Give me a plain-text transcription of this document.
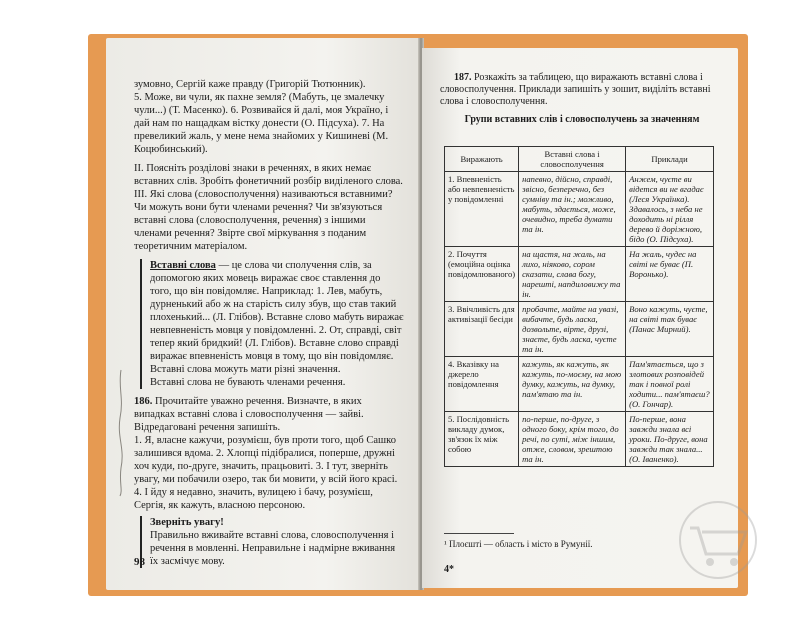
зумовно, Сергій каже правду (Григорій Тютюнник).

5. Може, ви чули, як пахне земля? (Мабуть, це змалечку чули...) (Т. Масенко). 6. Розвивайся й далі, моя Україно, і дай нам по нащадкам вістку донести (О. Підсуха). 7. На превеликий жаль, у мене нема знайомих у Кишиневі (М. Коцюбинський).

ІІ. Поясніть розділові знаки в реченнях, в яких немає вставних слів. Зробіть фонетичний розбір виділеного слова.

ІІІ. Які слова (словосполучення) називаються вставними? Чи можуть вони бути членами речення? Чи зв'язуються вставні слова (словосполучення, речення) з іншими членами речення? Звірте свої міркування з поданим теоретичним матеріалом.

Вставні слова — це слова чи сполучення слів, за допомогою яких мовець виражає своє ставлення до того, що він повідомляє. Наприклад: 1. Лев, мабуть, дурненький або ж на старість силу збув, що став такий плохенький... (Л. Глібов). Вставне слово мабуть виражає невпевненість мовця у повідомленні. 2. От, справді, світ тепер який бридкий! (Л. Глібов). Вставне слово справді виражає впевненість мовця в тому, що він повідомляє.

Вставні слова можуть мати різні значення.

Вставні слова не бувають членами речення.

186. Прочитайте уважно речення. Визначте, в яких випадках вставні слова і словосполучення — зайві. Відредаговані речення запишіть.

1. Я, власне кажучи, розумієш, був проти того, щоб Сашко залишився вдома. 2. Хлопці підібралися, поперше, дружні хоч куди, по-друге, значить, працьовиті. 3. І тут, зверніть увагу, ми побачили озеро, так би мовити, у всій його красі. 4. І йду я недавно, значить, вулицею і бачу, розумієш, Сергія, як кажуть, власною персоною.

Зверніть увагу!

Правильно вживайте вставні слова, словосполучення і речення в мовленні. Неправильне і надмірне вживання їх засмічує мову.

98

187. Розкажіть за таблицею, що виражають вставні слова і словосполучення. Приклади запишіть у зошит, виділіть вставні слова і словосполучення.

Групи вставних слів і словосполучень за значенням
Виражають	Вставні слова і словосполучення	Приклади
1. Впевненість або невпевненість у повідомленні	напевно, дійсно, справді, звісно, безперечно, без сумніву та ін.; можливо, мабуть, здається, може, очевидно, треба думати та ін.	Анжем, чуєте ви відется ви не вгадає (Леся Українка). Здавалось, з неба не доходить ні рілля дерево й доріжною, бідо (О. Підсуха).
2. Почуття (емоційна оцінка повідомлюваного)	на щастя, на жаль, на лихо, ніяково, сором сказати, слава богу, нарешті, напдиловижу та ін.	На жаль, чудес на світі не буває (П. Воронько).
3. Ввічливість для активізації бесіди	пробачте, майте на увазі, вибачте, будь ласка, дозвольте, вірте, друзі, знаєте, будь ласка, чуєте та ін.	Воно кажуть, чуєте, на світі так буває (Панас Мирний).
4. Вказівку на джерело повідомлення	кажуть, як кажуть, як кажуть, по-моєму, на мою думку, кажуть, на думку, пам'ятаю та ін.	Пам'ятається, що з злотових розповідей так і повної ролі ходити... пам'ятаєш? (О. Гончар).
5. Послідовність викладу думок, зв'язок їх між собою	по-перше, по-друге, з одного боку, крім того, до речі, по суті, між іншим, отже, словом, зрештою та ін.	По-перше, вона завжди знала всі уроки. По-друге, вона завжди так знала... (О. Іваненко).
¹ Плоєшті — область і місто в Румунії.
4*
